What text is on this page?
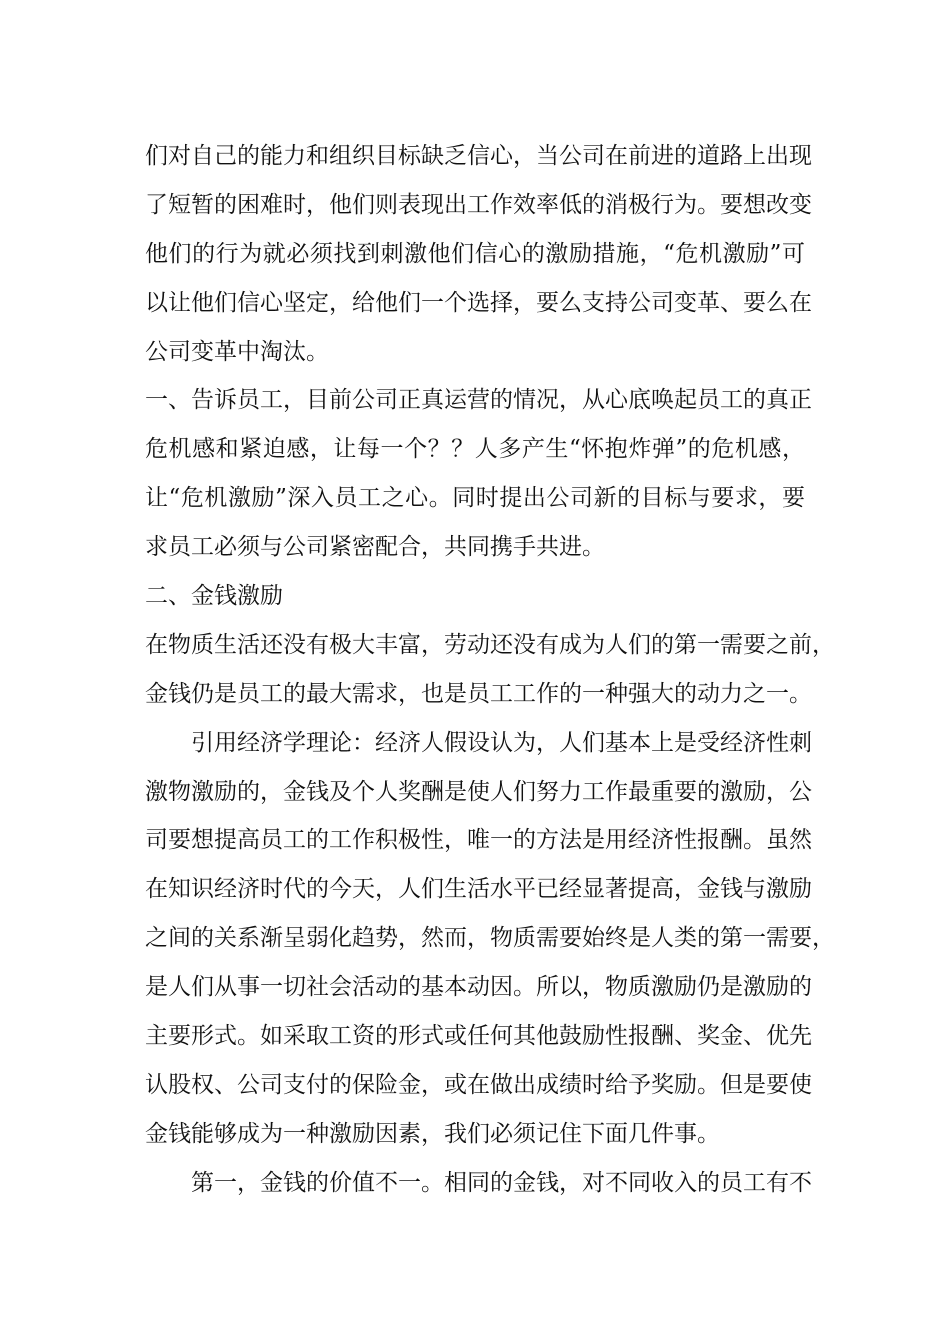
们对自己的能力和组织目标缺乏信心，当公司在前进的道路上出现
了短暂的困难时，他们则表现出工作效率低的消极行为。要想改变
他们的行为就必须找到刺激他们信心的激励措施，“危机激励”可
以让他们信心坚定，给他们一个选择，要么支持公司变革、要么在
公司变革中淘汰。
一、告诉员工，目前公司正真运营的情况，从心底唤起员工的真正
危机感和紧迫感，让每一个？？人多产生“怀抱炸弹”的危机感，
让“危机激励”深入员工之心。同时提出公司新的目标与要求，要
求员工必须与公司紧密配合，共同携手共进。
二、金钱激励
在物质生活还没有极大丰富，劳动还没有成为人们的第一需要之前，
金钱仍是员工的最大需求，也是员工工作的一种强大的动力之一。
引用经济学理论：经济人假设认为，人们基本上是受经济性刺
激物激励的，金钱及个人奖酬是使人们努力工作最重要的激励，公
司要想提高员工的工作积极性，唯一的方法是用经济性报酬。虽然
在知识经济时代的今天，人们生活水平已经显著提高，金钱与激励
之间的关系渐呈弱化趋势，然而，物质需要始终是人类的第一需要，
是人们从事一切社会活动的基本动因。所以，物质激励仍是激励的
主要形式。如采取工资的形式或任何其他鼓励性报酬、奖金、优先
认股权、公司支付的保险金，或在做出成绩时给予奖励。但是要使
金钱能够成为一种激励因素，我们必须记住下面几件事。
第一，金钱的价值不一。相同的金钱，对不同收入的员工有不
